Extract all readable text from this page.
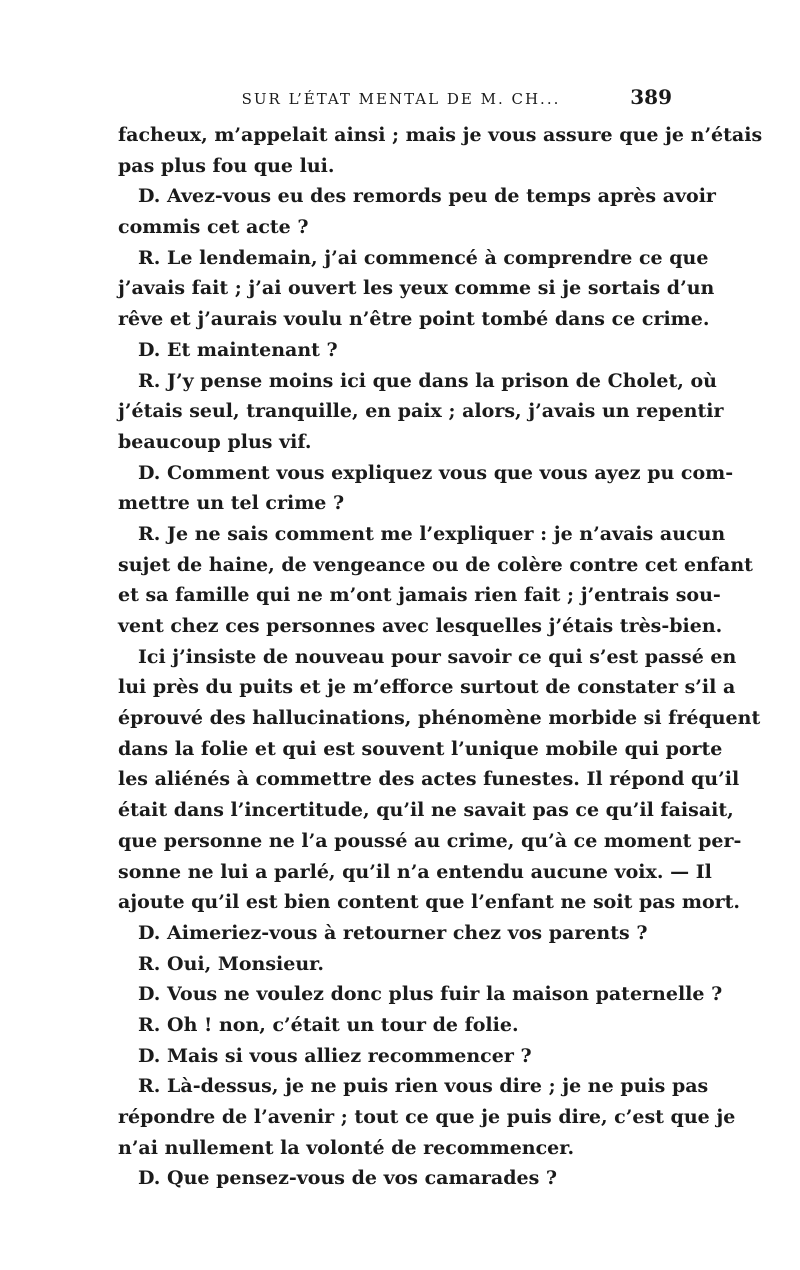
SUR L’ÉTAT MENTAL DE M. CH...	389
facheux, m’appelait ainsi ; mais je vous assure que je n’étais
pas plus fou que lui.
D. Avez-vous eu des remords peu de temps après avoir
commis cet acte ?
R. Le lendemain, j’ai commencé à comprendre ce que
j’avais fait ; j’ai ouvert les yeux comme si je sortais d’un
rêve et j’aurais voulu n’être point tombé dans ce crime.
D. Et maintenant ?
R. J’y pense moins ici que dans la prison de Cholet, où
j’étais seul, tranquille, en paix ; alors, j’avais un repentir
beaucoup plus vif.
D. Comment vous expliquez vous que vous ayez pu com-
mettre un tel crime ?
R. Je ne sais comment me l’expliquer : je n’avais aucun
sujet de haine, de vengeance ou de colère contre cet enfant
et sa famille qui ne m’ont jamais rien fait ; j’entrais sou-
vent chez ces personnes avec lesquelles j’étais très-bien.
Ici j’insiste de nouveau pour savoir ce qui s’est passé en
lui près du puits et je m’efforce surtout de constater s’il a
éprouvé des hallucinations, phénomène morbide si fréquent
dans la folie et qui est souvent l’unique mobile qui porte
les aliénés à commettre des actes funestes. Il répond qu’il
était dans l’incertitude, qu’il ne savait pas ce qu’il faisait,
que personne ne l’a poussé au crime, qu’à ce moment per-
sonne ne lui a parlé, qu’il n’a entendu aucune voix. — Il
ajoute qu’il est bien content que l’enfant ne soit pas mort.
D. Aimeriez-vous à retourner chez vos parents ?
R. Oui, Monsieur.
D. Vous ne voulez donc plus fuir la maison paternelle ?
R. Oh ! non, c’était un tour de folie.
D. Mais si vous alliez recommencer ?
R. Là-dessus, je ne puis rien vous dire ; je ne puis pas
répondre de l’avenir ; tout ce que je puis dire, c’est que je
n’ai nullement la volonté de recommencer.
D. Que pensez-vous de vos camarades ?
